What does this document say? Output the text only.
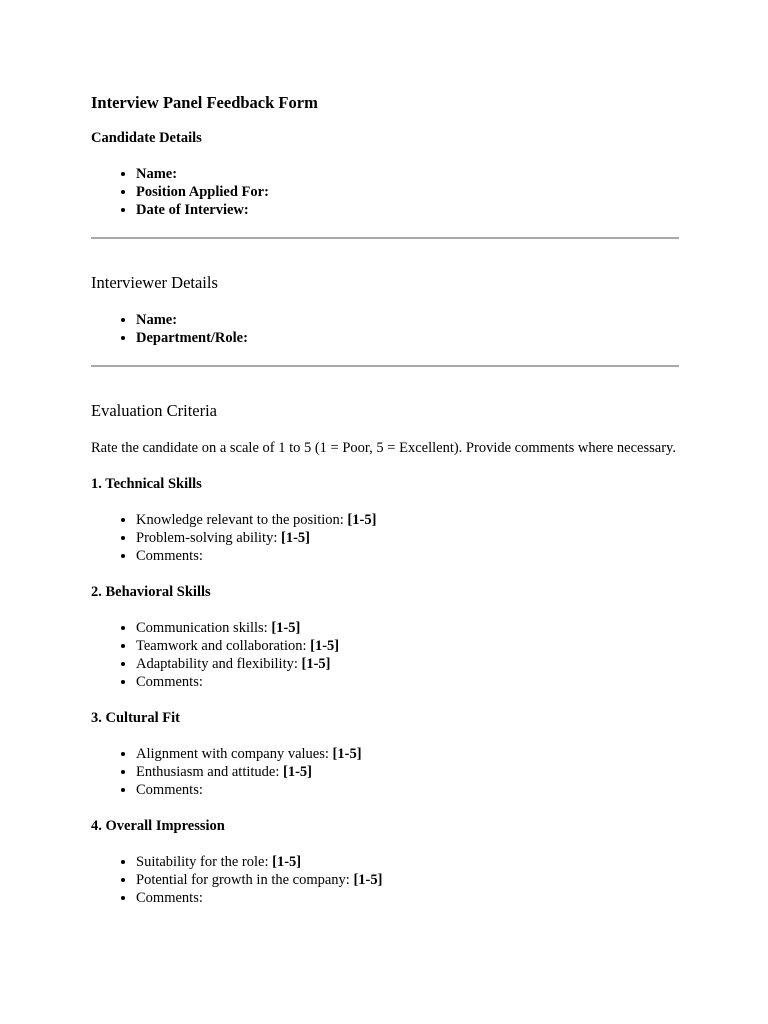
Interview Panel Feedback Form

Candidate Details

• Name:
• Position Applied For:
• Date of Interview:
Interviewer Details
• Name:
• Department/Role:
Evaluation Criteria

Rate the candidate on a scale of 1 to 5 (1 = Poor, 5 = Excellent). Provide comments where necessary.

1. Technical Skills

• Knowledge relevant to the position: [1-5]
• Problem-solving ability: [1-5]
• Comments:

2. Behavioral Skills

• Communication skills: [1-5]
• Teamwork and collaboration: [1-5]
• Adaptability and flexibility: [1-5]
• Comments:

3. Cultural Fit

• Alignment with company values: [1-5]
• Enthusiasm and attitude: [1-5]
• Comments:

4. Overall Impression

• Suitability for the role: [1-5]
• Potential for growth in the company: [1-5]
• Comments:
